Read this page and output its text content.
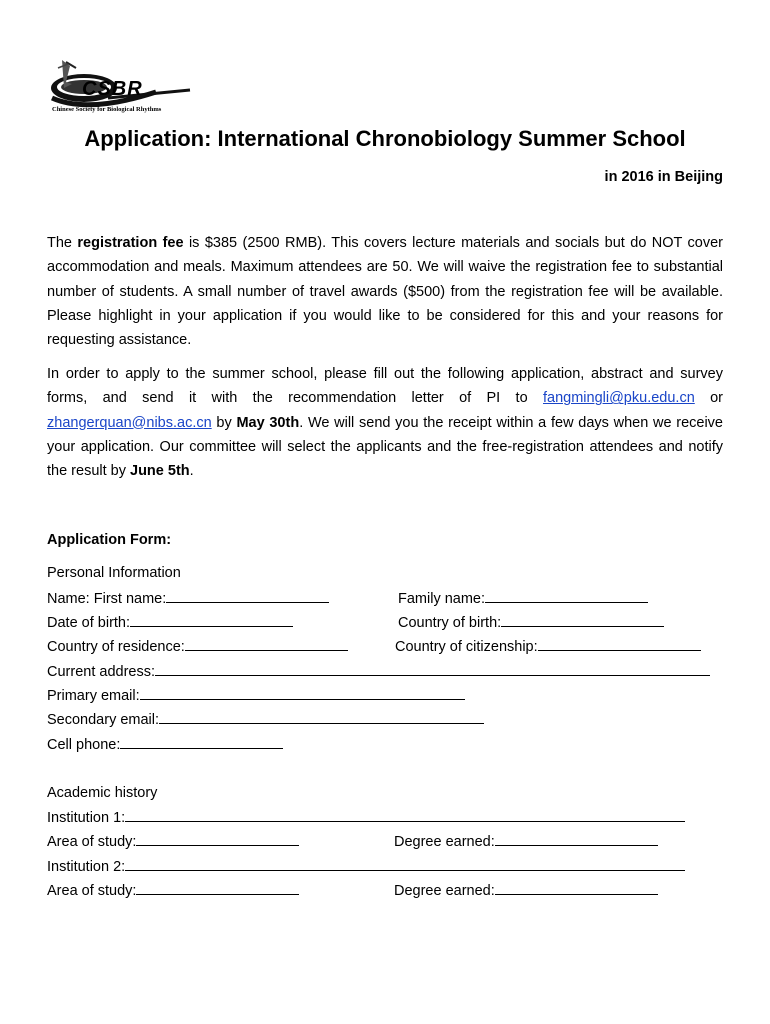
CSBR
Chinese Society for Biological Rhythms
Application: International Chronobiology Summer School
in 2016 in Beijing

The registration fee is $385 (2500 RMB). This covers lecture materials and socials but do NOT cover accommodation and meals. Maximum attendees are 50. We will waive the registration fee to substantial number of students. A small number of travel awards ($500) from the registration fee will be available. Please highlight in your application if you would like to be considered for this and your reasons for requesting assistance.

In order to apply to the summer school, please fill out the following application, abstract and survey forms, and send it with the recommendation letter of PI to fangmingli@pku.edu.cn or zhangerquan@nibs.ac.cn by May 30th. We will send you the receipt within a few days when we receive your application. Our committee will select the applicants and the free-registration attendees and notify the result by June 5th.

Application Form:
Personal Information
Name: First name:	Family name:
Date of birth:	Country of birth:
Country of residence:	Country of citizenship:
Current address:
Primary email:
Secondary email:
Cell phone:
Academic history
Institution 1:
Area of study:	Degree earned:
Institution 2:
Area of study:	Degree earned:
